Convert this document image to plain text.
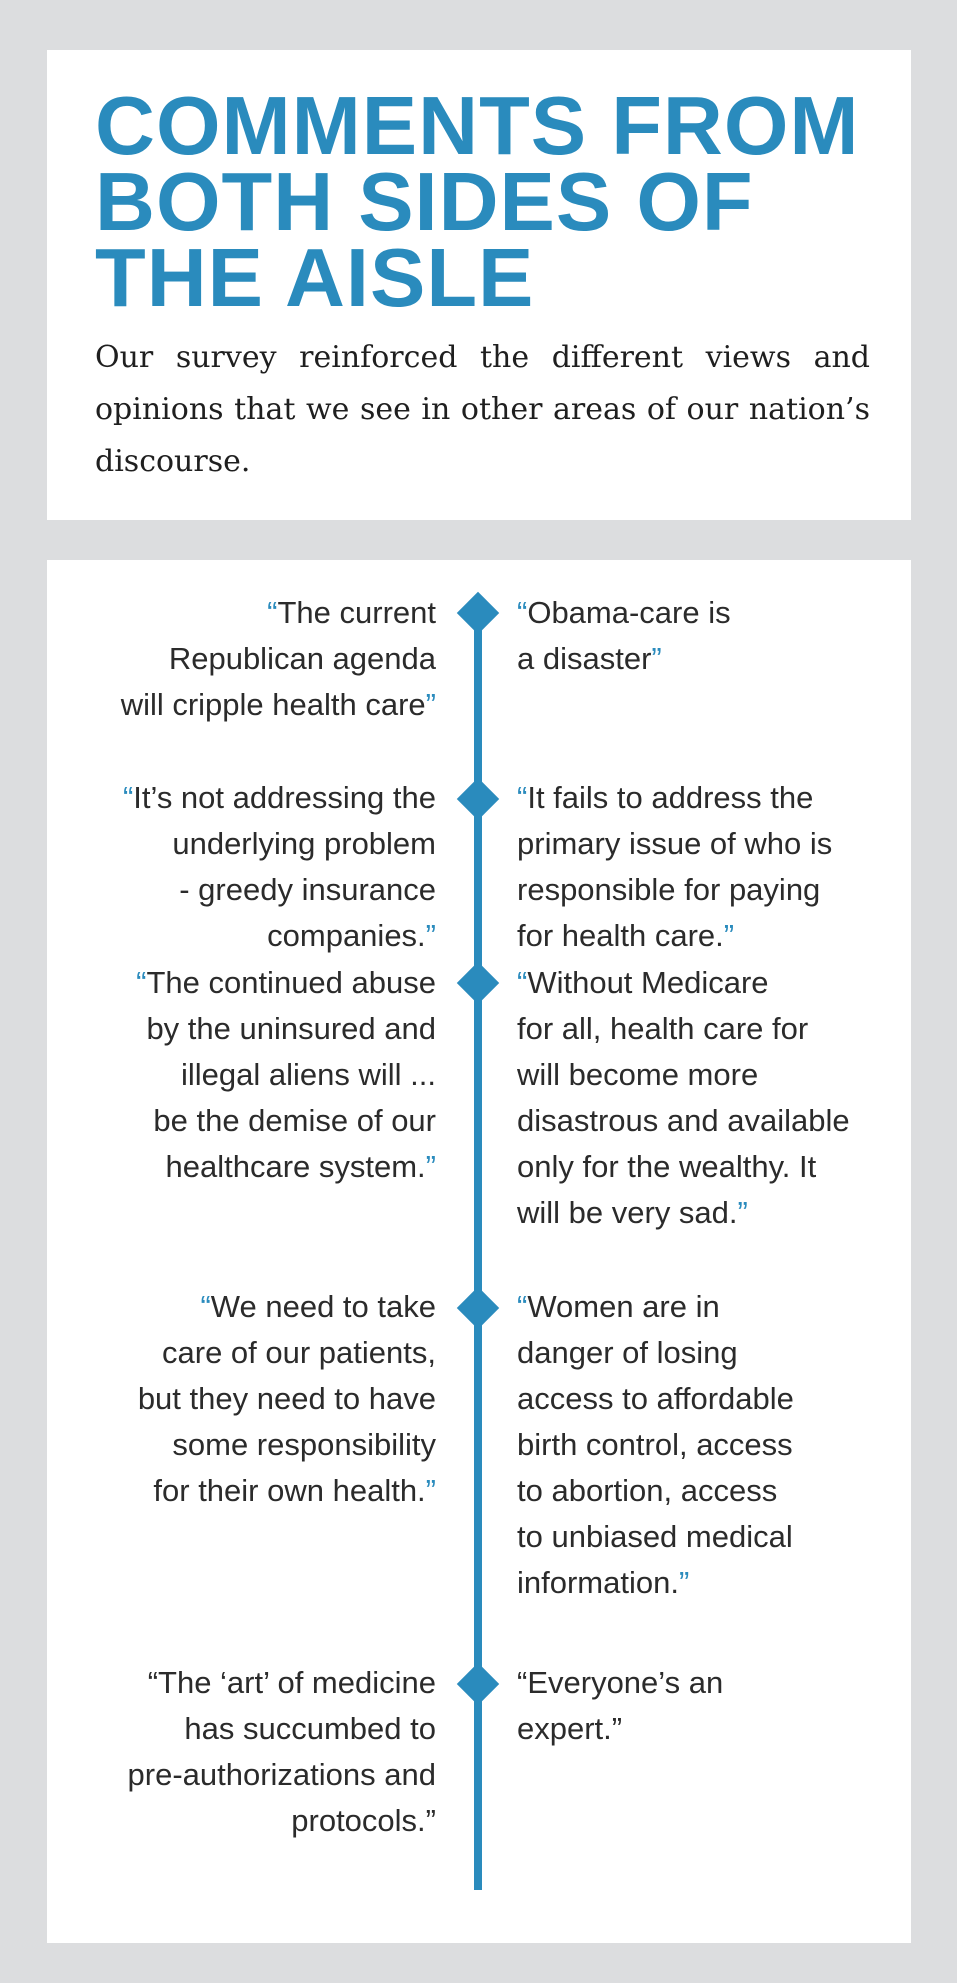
COMMENTS FROM BOTH SIDES OF THE AISLE

Our survey reinforced the different views and opinions that we see in other areas of our nation’s discourse.

“The current
Republican agenda
will cripple health care”

“Obama-care is
a disaster”

“It’s not addressing the
underlying problem
- greedy insurance
companies.”

“It fails to address the
primary issue of who is
responsible for paying
for health care.”

“The continued abuse
by the uninsured and
illegal aliens will ...
be the demise of our
healthcare system.”

“Without Medicare
for all, health care for
will become more
disastrous and available
only for the wealthy. It
will be very sad.”

“We need to take
care of our patients,
but they need to have
some responsibility
for their own health.”

“Women are in
danger of losing
access to affordable
birth control, access
to abortion, access
to unbiased medical
information.”

“The ‘art’ of medicine
has succumbed to
pre-authorizations and
protocols.”

“Everyone’s an
expert.”
